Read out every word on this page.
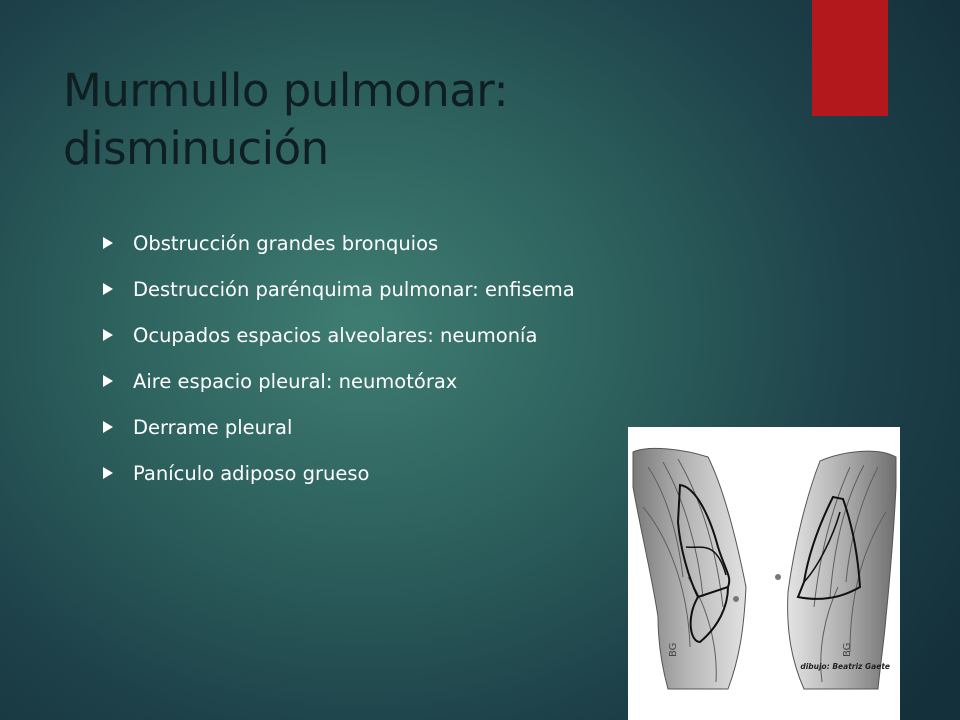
Murmullo pulmonar: disminución
Obstrucción grandes bronquios
Destrucción parénquima pulmonar: enfisema
Ocupados espacios alveolares: neumonía
Aire espacio pleural: neumotórax
Derrame pleural
Panículo adiposo grueso
BG	BG
dibujo: Beatriz Gaete
